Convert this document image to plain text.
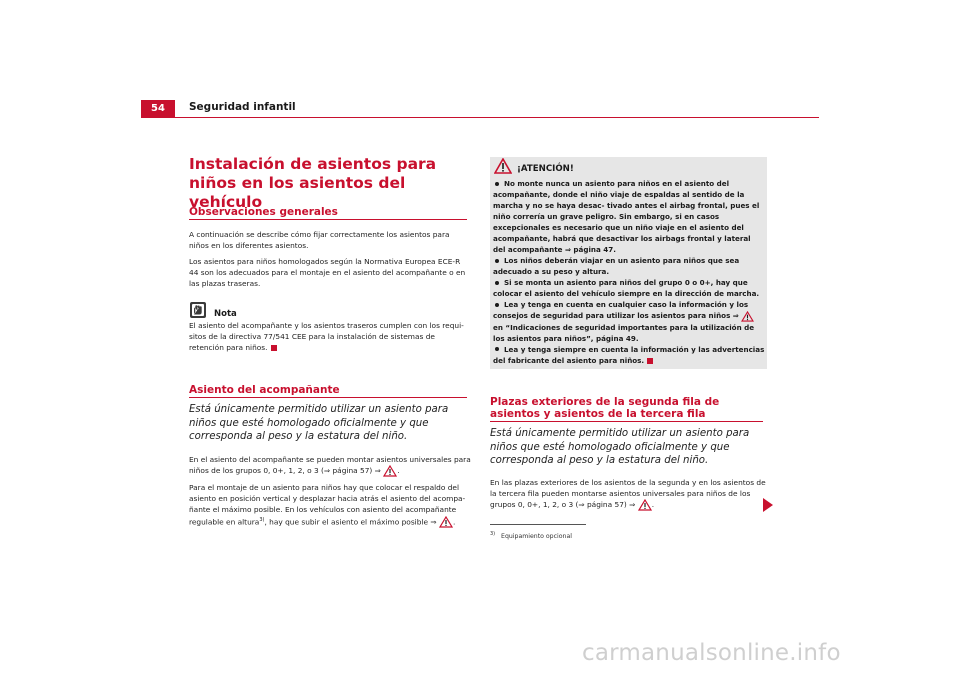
54	Seguridad infantil
Instalación de asientos para niños en los asientos del vehículo
Observaciones generales

A continuación se describe cómo fijar correctamente los asientos para niños en los diferentes asientos.

Los asientos para niños homologados según la Normativa Europea ECE-R 44 son los adecuados para el montaje en el asiento del acompañante o en las plazas traseras.

Nota
El asiento del acompañante y los asientos traseros cumplen con los requi- sitos de la directiva 77/541 CEE para la instalación de sistemas de retención para niños.
Asiento del acompañante
Está únicamente permitido utilizar un asiento para niños que esté homologado oficialmente y que corresponda al peso y la estatura del niño.

En el asiento del acompañante se pueden montar asientos universales para niños de los grupos 0, 0+, 1, 2, o 3 (⇒ página 57) ⇒ .

Para el montaje de un asiento para niños hay que colocar el respaldo del asiento en posición vertical y desplazar hacia atrás el asiento del acompa- ñante el máximo posible. En los vehículos con asiento del acompañante regulable en altura$^{3)}$, hay que subir el asiento el máximo posible ⇒ .

¡ATENCIÓN!

No monte nunca un asiento para niños en el asiento del acompañante, donde el niño viaje de espaldas al sentido de la marcha y no se haya desac- tivado antes el airbag frontal, pues el niño correría un grave peligro. Sin embargo, si en casos excepcionales es necesario que un niño viaje en el asiento del acompañante, habrá que desactivar los airbags frontal y lateral del acompañante ⇒ página 47.

Los niños deberán viajar en un asiento para niños que sea adecuado a su peso y altura.

Si se monta un asiento para niños del grupo 0 o 0+, hay que colocar el asiento del vehículo siempre en la dirección de marcha.

Lea y tenga en cuenta en cualquier caso la información y los consejos de seguridad para utilizar los asientos para niños ⇒  en “Indicaciones de seguridad importantes para la utilización de los asientos para niños”, página 49.

Lea y tenga siempre en cuenta la información y las advertencias del fabricante del asiento para niños.

Plazas exteriores de la segunda fila de asientos y asientos de la tercera fila
Está únicamente permitido utilizar un asiento para niños que esté homologado oficialmente y que corresponda al peso y la estatura del niño.

En las plazas exteriores de los asientos de la segunda y en los asientos de la tercera fila pueden montarse asientos universales para niños de los grupos 0, 0+, 1, 2, o 3 (⇒ página 57) ⇒ .

$^{3)}$ Equipamiento opcional
carmanualsonline.info
